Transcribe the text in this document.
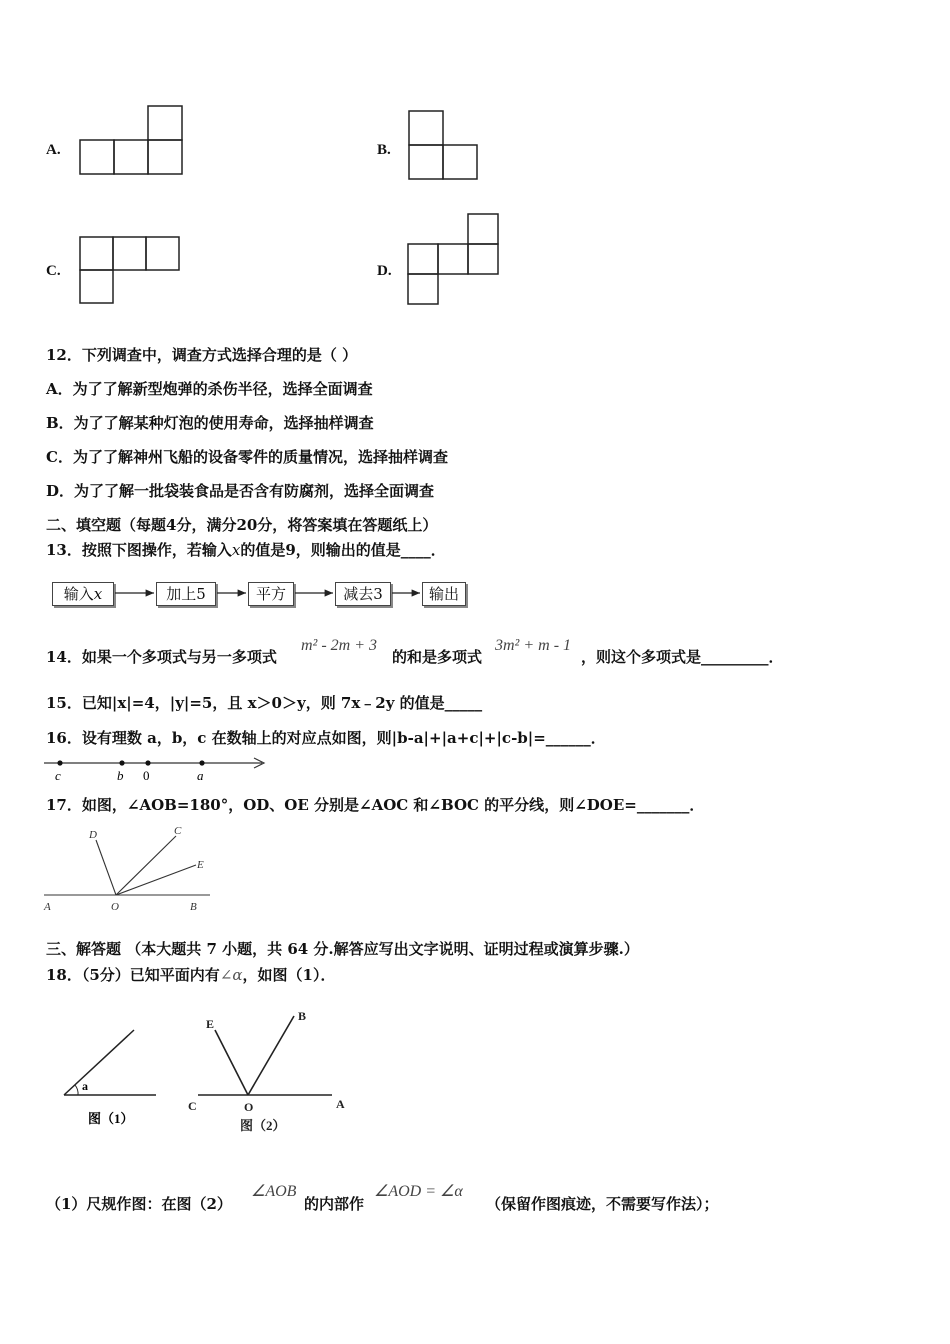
A.	B.
C.	D.
12．下列调查中，调查方式选择合理的是（ ）
A．为了了解新型炮弹的杀伤半径，选择全面调查
B．为了了解某种灯泡的使用寿命，选择抽样调查
C．为了了解神州飞船的设备零件的质量情况，选择抽样调查
D．为了了解一批袋装食品是否含有防腐剂，选择全面调查
二、填空题（每题4分，满分20分，将答案填在答题纸上）
13．按照下图操作，若输入x的值是9，则输出的值是____．
输入x	加上5	平方	减去3	输出
14．如果一个多项式与另一多项式
m² - 2m + 3
的和是多项式
3m² + m - 1
，则这个多项式是_________．
15．已知|x|=4，|y|=5，且 x＞0＞y，则 7x﹣2y 的值是_____
16．设有理数 a，b，c 在数轴上的对应点如图，则|b-a|+|a+c|+|c-b|=______．
c	b 0	a
17．如图，∠AOB=180°，OD、OE 分别是∠AOC 和∠BOC 的平分线，则∠DOE=_______．
D	C
E
A	O	B
三、解答题 （本大题共 7 小题，共 64 分.解答应写出文字说明、证明过程或演算步骤.）
18．（5分）已知平面内有∠α，如图（1）．
a
图（1）
E
B
C	O	A
图（2）
（1）尺规作图：在图（2）
∠AOB
的内部作
∠AOD = ∠α
（保留作图痕迹，不需要写作法）；
